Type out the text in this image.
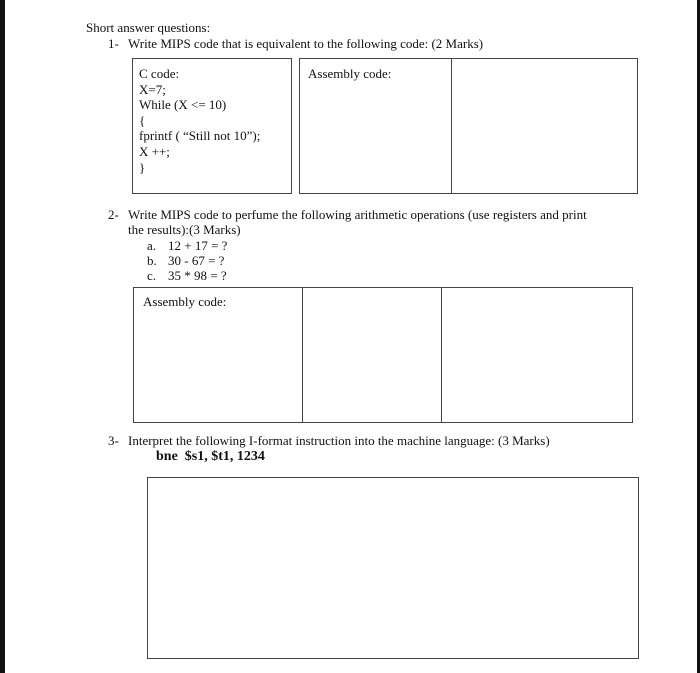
Short answer questions:
1- Write MIPS code that is equivalent to the following code: (2 Marks)
C code:
X=7;
While (X <= 10)
{
fprintf ( “Still not 10”);
X ++;
}
Assembly code:
2- Write MIPS code to perfume the following arithmetic operations (use registers and print
the results):(3 Marks)
a. 12 + 17 = ?
b. 30 - 67 = ?
c. 35 * 98 = ?
Assembly code:
3- Interpret the following I-format instruction into the machine language: (3 Marks)
bne  $s1, $t1, 1234
